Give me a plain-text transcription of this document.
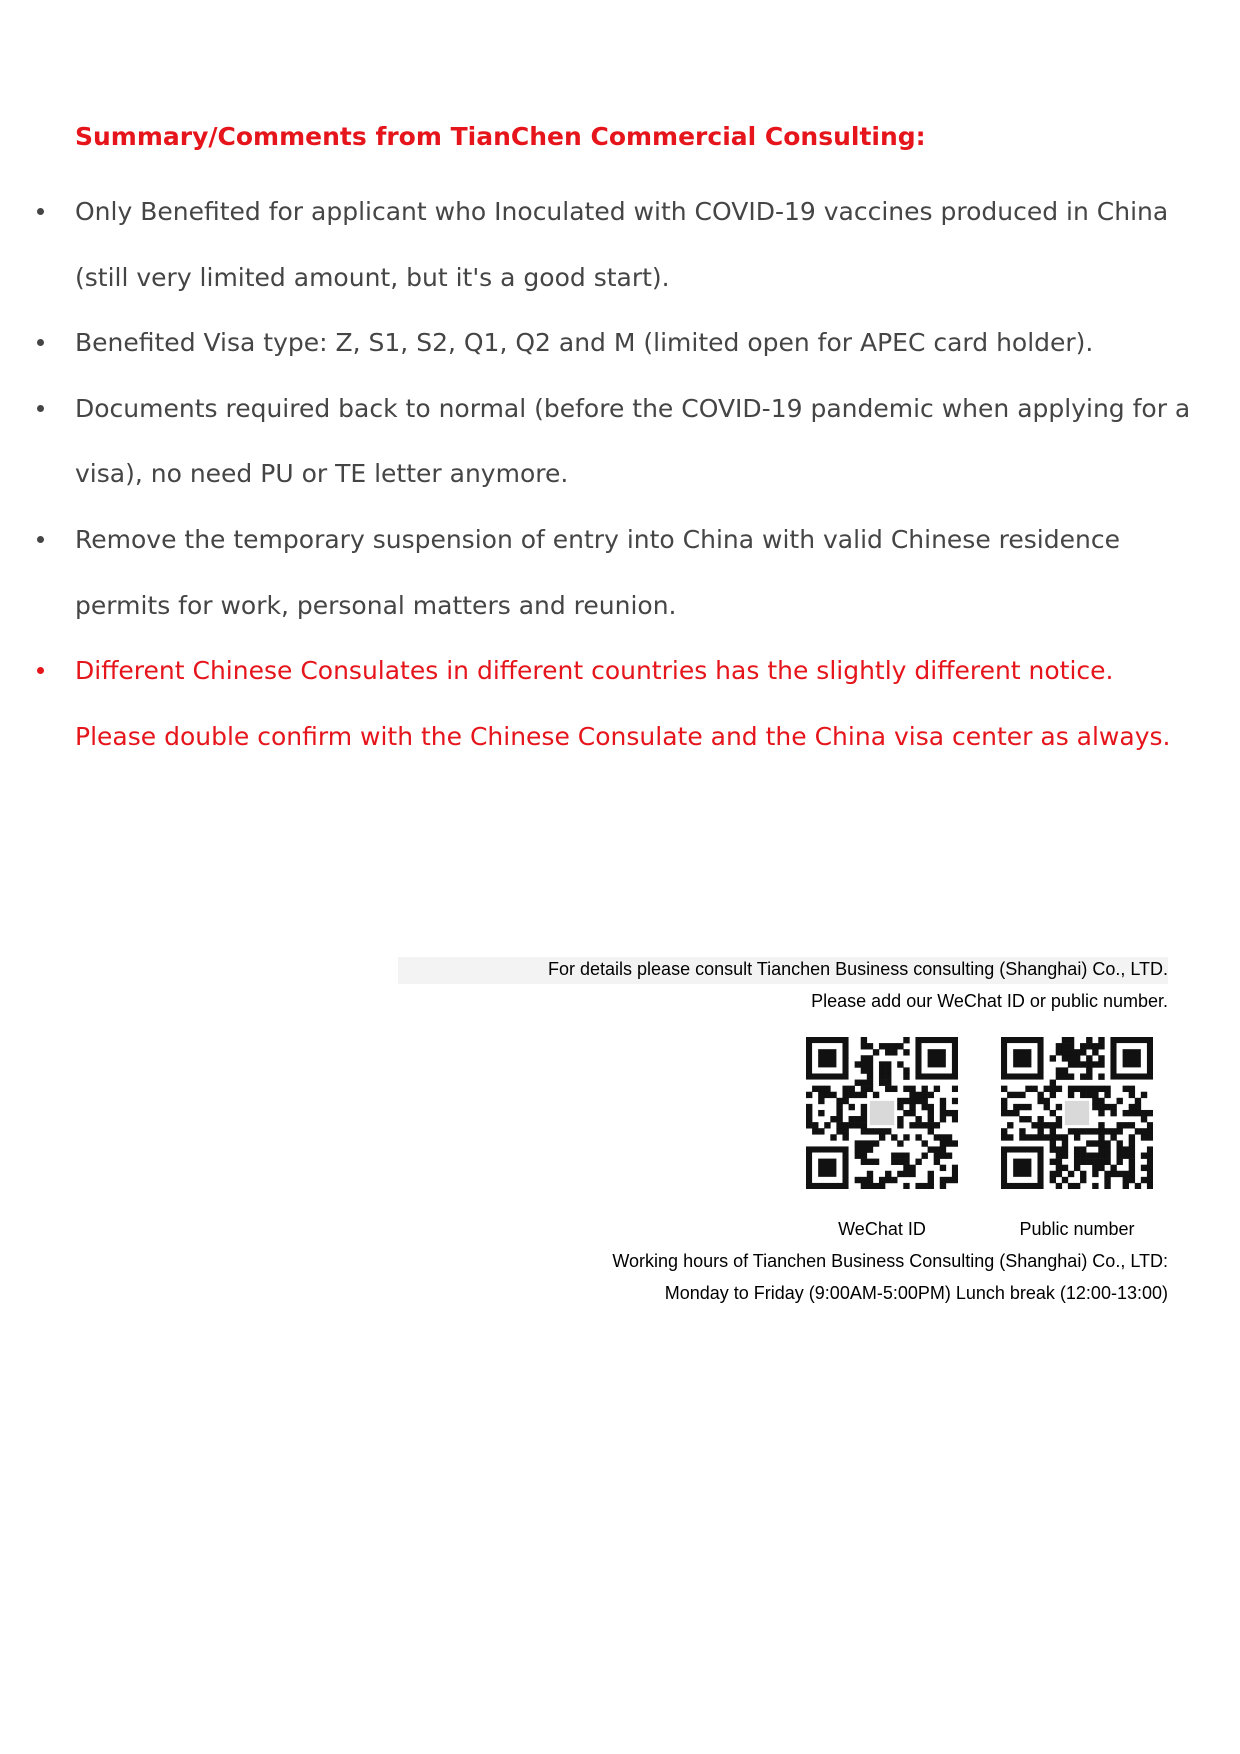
Summary/Comments from TianChen Commercial Consulting:
Only Benefited for applicant who Inoculated with COVID-19 vaccines produced in China
(still very limited amount, but it's a good start).
Benefited Visa type: Z, S1, S2, Q1, Q2 and M (limited open for APEC card holder).
Documents required back to normal (before the COVID-19 pandemic when applying for a
visa), no need PU or TE letter anymore.
Remove the temporary suspension of entry into China with valid Chinese residence
permits for work, personal matters and reunion.
Different Chinese Consulates in different countries has the slightly different notice.
Please double confirm with the Chinese Consulate and the China visa center as always.
For details please consult Tianchen Business consulting (Shanghai) Co., LTD.
Please add our WeChat ID or public number.
WeChat ID	Public number
Working hours of Tianchen Business Consulting (Shanghai) Co., LTD:
Monday to Friday (9:00AM-5:00PM) Lunch break (12:00-13:00)
